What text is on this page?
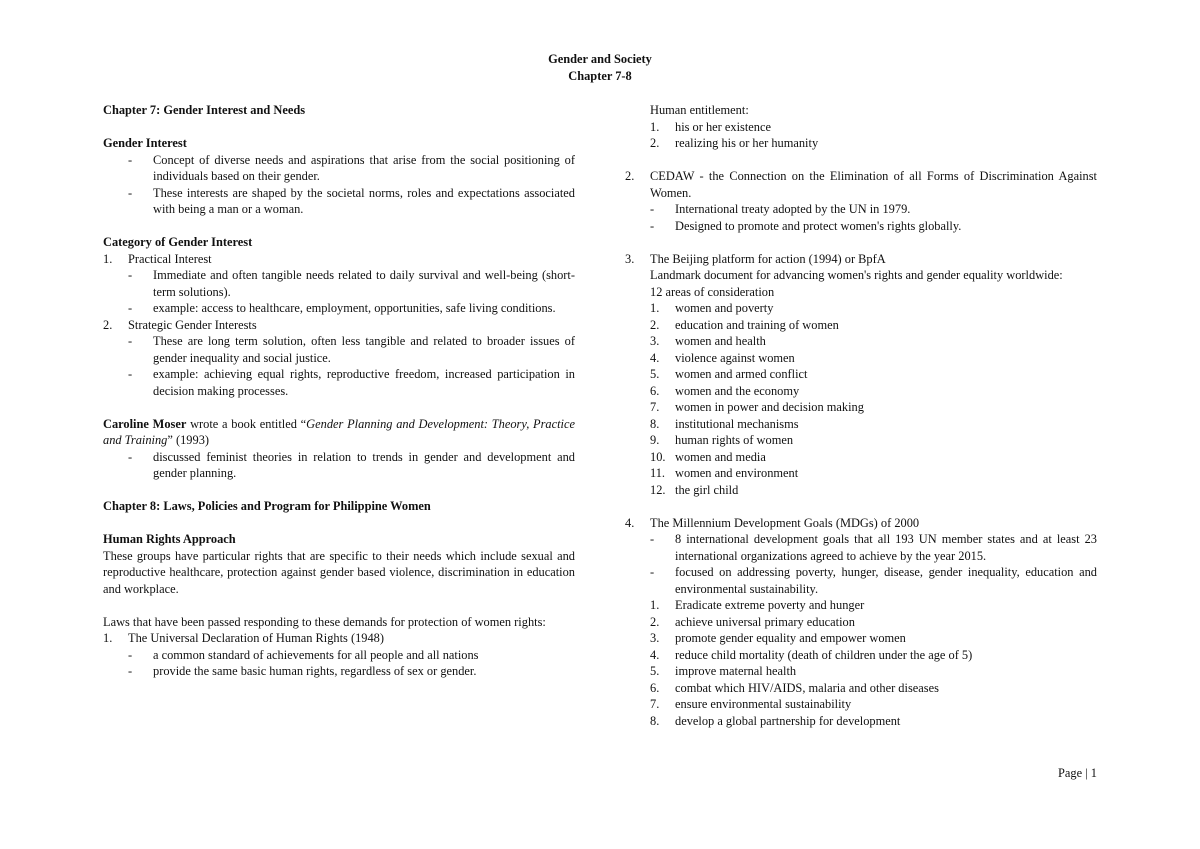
Gender and Society
Chapter 7-8
Chapter 7: Gender Interest and Needs
Gender Interest
-	Concept of diverse needs and aspirations that arise from the social positioning of individuals based on their gender.
-	These interests are shaped by the societal norms, roles and expectations associated with being a man or a woman.
Category of Gender Interest
1.	Practical Interest
-	Immediate and often tangible needs related to daily survival and well-being (short-term solutions).
-	example: access to healthcare, employment, opportunities, safe living conditions.
2.	Strategic Gender Interests
-	These are long term solution, often less tangible and related to broader issues of gender inequality and social justice.
-	example: achieving equal rights, reproductive freedom, increased participation in decision making processes.
Caroline Moser wrote a book entitled “Gender Planning and Development: Theory, Practice and Training” (1993)
-	discussed feminist theories in relation to trends in gender and development and gender planning.
Chapter 8: Laws, Policies and Program for Philippine Women
Human Rights Approach
These groups have particular rights that are specific to their needs which include sexual and reproductive healthcare, protection against gender based violence, discrimination in education and workplace.
Laws that have been passed responding to these demands for protection of women rights:
1.	The Universal Declaration of Human Rights (1948)
-	a common standard of achievements for all people and all nations
-	provide the same basic human rights, regardless of sex or gender.
Human entitlement:
1.	his or her existence
2.	realizing his or her humanity
2.	CEDAW - the Connection on the Elimination of all Forms of Discrimination Against Women.
-	International treaty adopted by the UN in 1979.
-	Designed to promote and protect women's rights globally.
3.	The Beijing platform for action (1994) or BpfA
Landmark document for advancing women's rights and gender equality worldwide:
12 areas of consideration
1.	women and poverty
2.	education and training of women
3.	women and health
4.	violence against women
5.	women and armed conflict
6.	women and the economy
7.	women in power and decision making
8.	institutional mechanisms
9.	human rights of women
10. women and media
11. women and environment
12. the girl child
4.	The Millennium Development Goals (MDGs) of 2000
-	8 international development goals that all 193 UN member states and at least 23 international organizations agreed to achieve by the year 2015.
-	focused on addressing poverty, hunger, disease, gender inequality, education and environmental sustainability.
1.	Eradicate extreme poverty and hunger
2.	achieve universal primary education
3.	promote gender equality and empower women
4.	reduce child mortality (death of children under the age of 5)
5.	improve maternal health
6.	combat which HIV/AIDS, malaria and other diseases
7.	ensure environmental sustainability
8.	develop a global partnership for development
Page | 1
